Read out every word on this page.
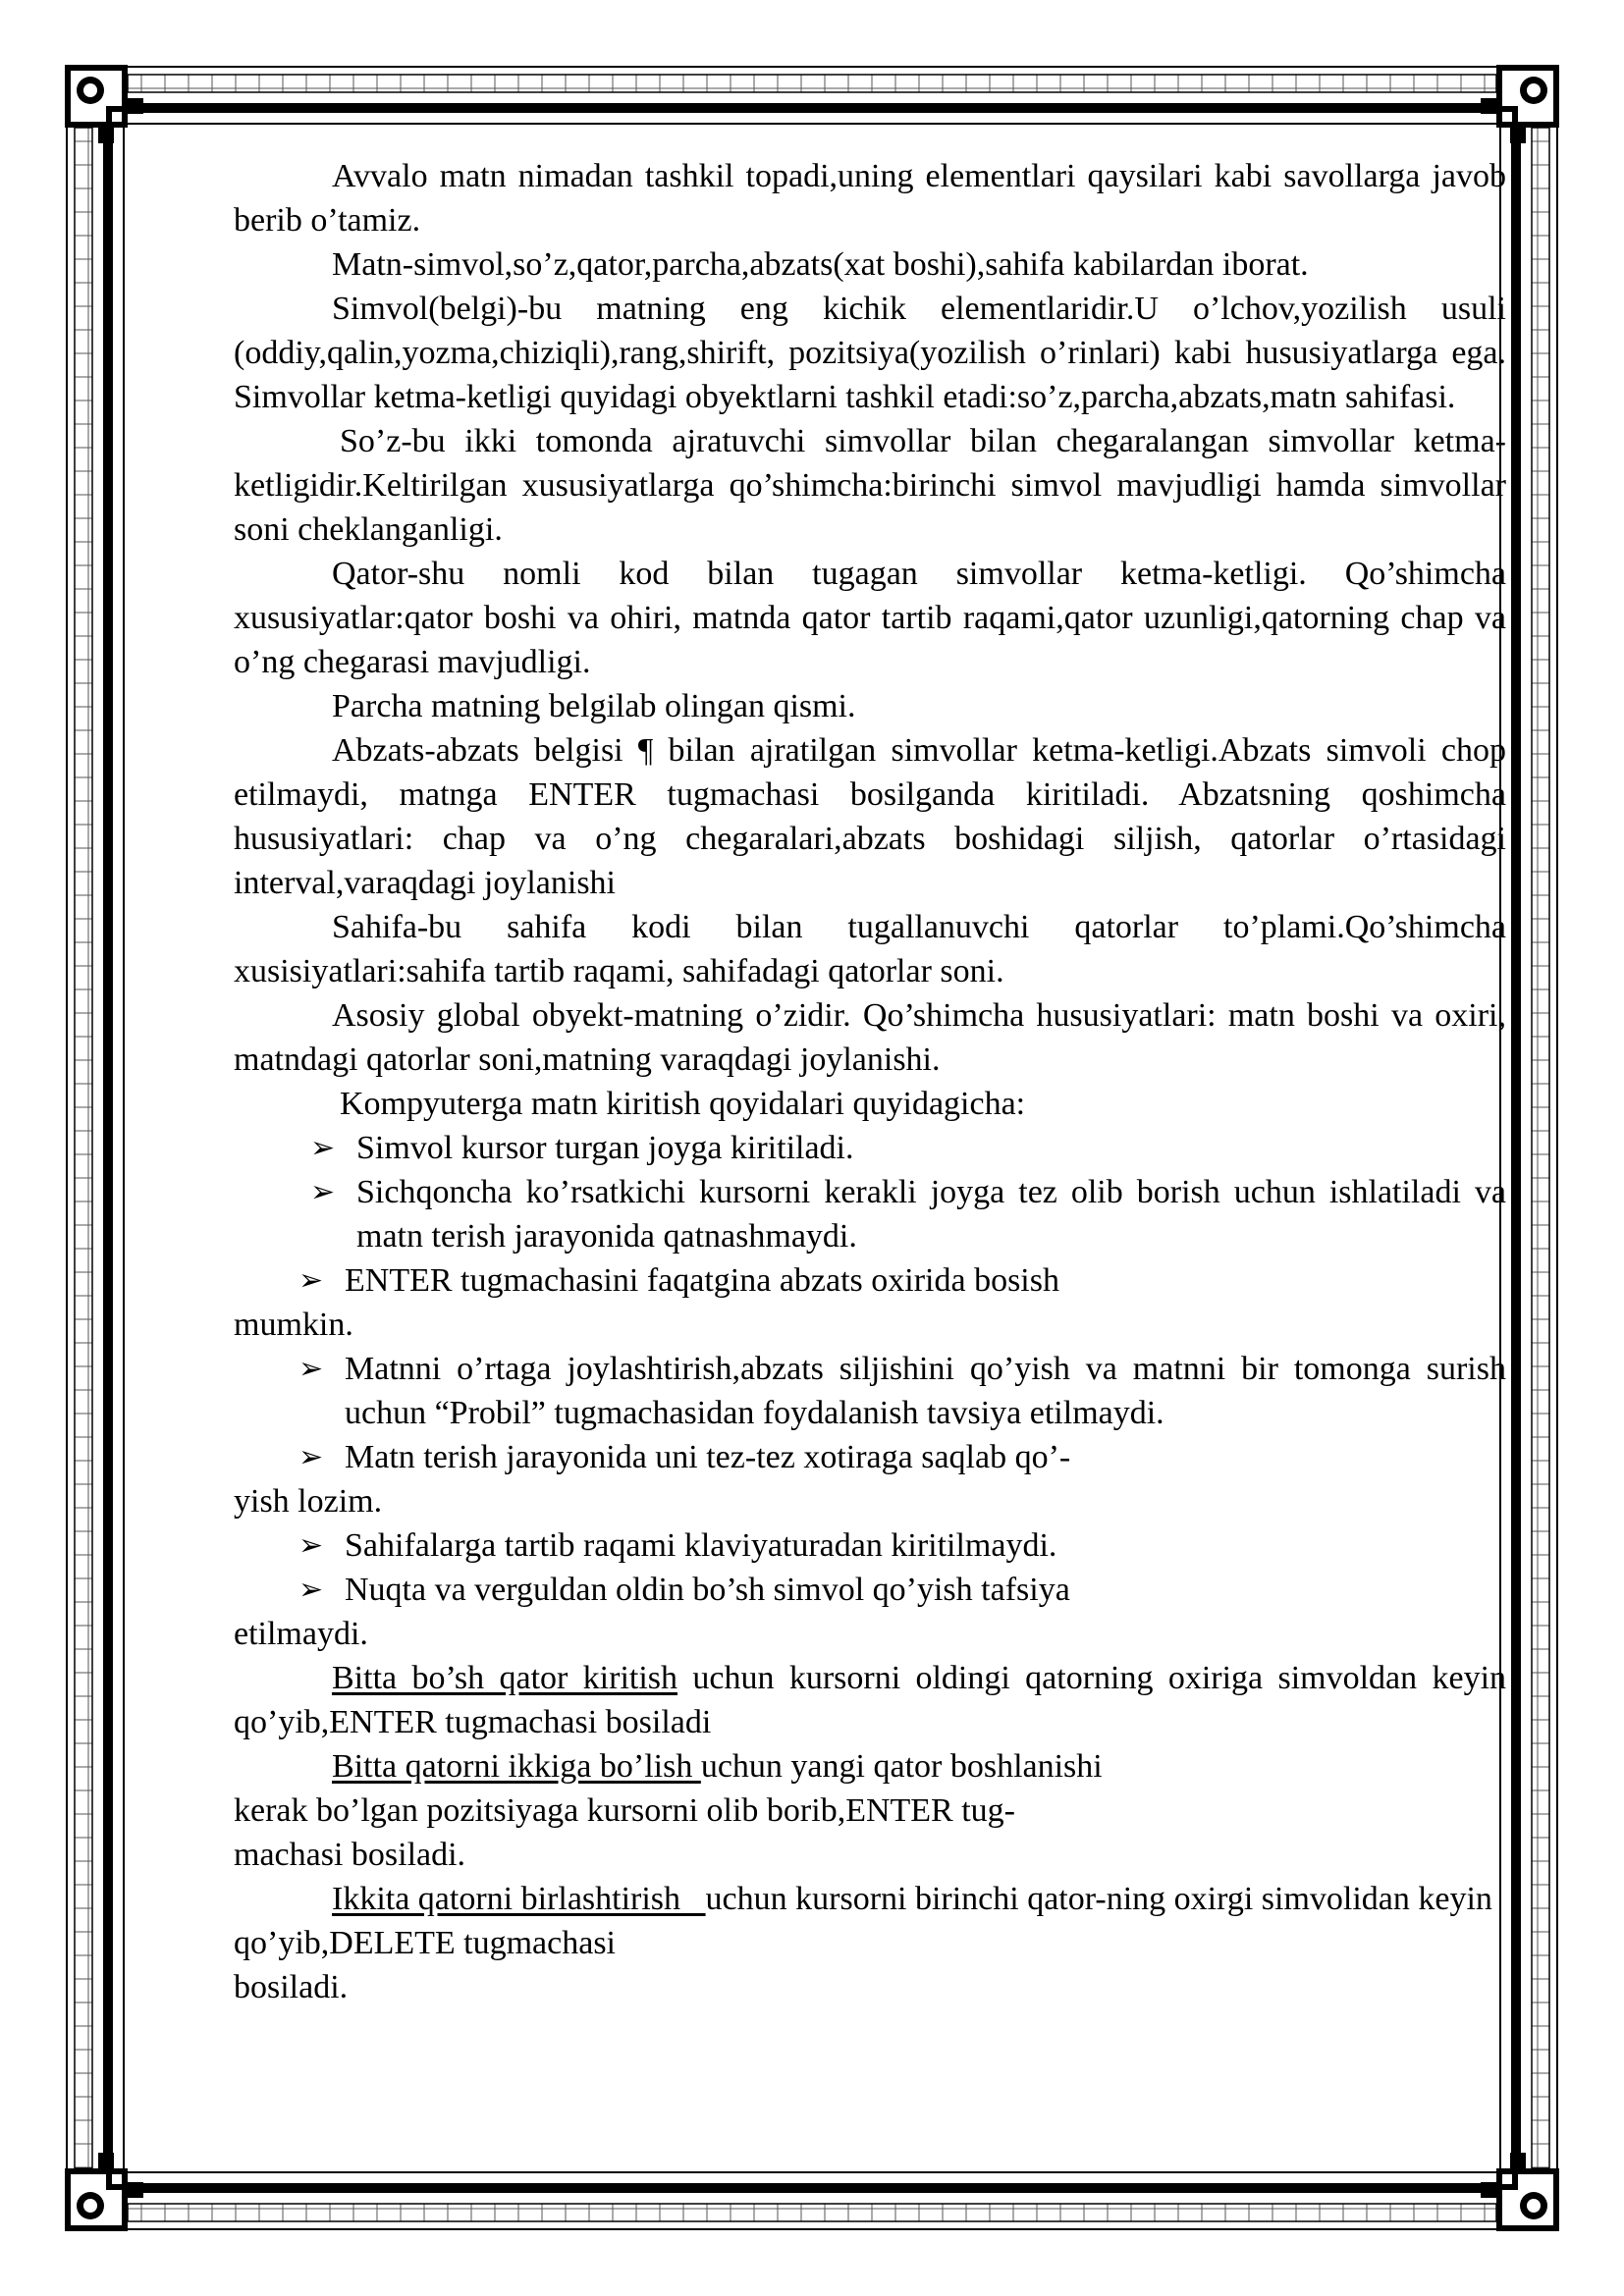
Avvalo matn nimadan tashkil topadi,uning elementlari qaysilari kabi savollarga javob berib o’tamiz.

Matn-simvol,so’z,qator,parcha,abzats(xat boshi),sahifa kabilardan iborat.

Simvol(belgi)-bu matning eng kichik elementlaridir.U o’lchov,yozilish usuli (oddiy,qalin,yozma,chiziqli),rang,shirift, pozitsiya(yozilish o’rinlari) kabi hususiyatlarga ega. Simvollar ketma-ketligi quyidagi obyektlarni tashkil etadi:so’z,parcha,abzats,matn sahifasi.

So’z-bu ikki tomonda ajratuvchi simvollar bilan chegaralangan simvollar ketma-ketligidir.Keltirilgan xususiyatlarga qo’shimcha:birinchi simvol mavjudligi hamda simvollar soni cheklanganligi.

Qator-shu nomli kod bilan tugagan simvollar ketma-ketligi. Qo’shimcha xususiyatlar:qator boshi va ohiri, matnda qator tartib raqami,qator uzunligi,qatorning chap va o’ng chegarasi mavjudligi.

Parcha matning belgilab olingan qismi.

Abzats-abzats belgisi ¶ bilan ajratilgan simvollar ketma-ketligi.Abzats simvoli chop etilmaydi, matnga ENTER tugmachasi bosilganda kiritiladi. Abzatsning qoshimcha hususiyatlari: chap va o’ng chegaralari,abzats boshidagi siljish, qatorlar o’rtasidagi interval,varaqdagi joylanishi

Sahifa-bu sahifa kodi bilan tugallanuvchi qatorlar to’plami.Qo’shimcha xusisiyatlari:sahifa tartib raqami, sahifadagi qatorlar soni.

Asosiy global obyekt-matning o’zidir. Qo’shimcha hususiyatlari: matn boshi va oxiri, matndagi qatorlar soni,matning varaqdagi joylanishi.

Kompyuterga matn kiritish qoyidalari quyidagicha:

➢ Simvol kursor turgan joyga kiritiladi.
➢ Sichqoncha ko’rsatkichi kursorni kerakli joyga tez olib borish uchun ishlatiladi va matn terish jarayonida qatnashmaydi.
➢ ENTER tugmachasini faqatgina abzats oxirida bosish

mumkin.

➢ Matnni o’rtaga joylashtirish,abzats siljishini qo’yish va matnni bir tomonga surish uchun “Probil” tugmachasidan foydalanish tavsiya etilmaydi.
➢ Matn terish jarayonida uni tez-tez xotiraga saqlab qo’-

yish lozim.

➢ Sahifalarga tartib raqami klaviyaturadan kiritilmaydi.
➢ Nuqta va verguldan oldin bo’sh simvol qo’yish tafsiya

etilmaydi.

Bitta bo’sh qator kiritish uchun kursorni oldingi qatorning oxiriga simvoldan keyin qo’yib,ENTER tugmachasi bosiladi

Bitta qatorni ikkiga bo’lish uchun yangi qator boshlanishi

kerak bo’lgan pozitsiyaga kursorni olib borib,ENTER tug-

machasi bosiladi.

Ikkita qatorni birlashtirish   uchun kursorni birinchi qator-ning oxirgi simvolidan keyin qo’yib,DELETE tugmachasi

bosiladi.
